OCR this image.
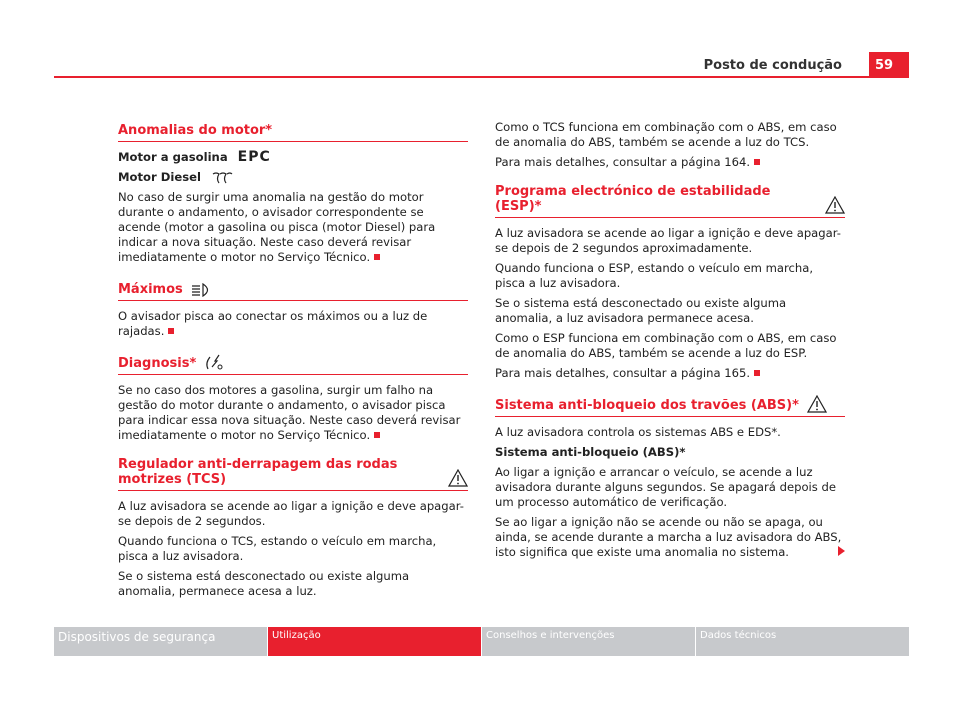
Posto de condução	59
Anomalias do motor*
Motor a gasolina EPC
Motor Diesel

No caso de surgir uma anomalia na gestão do motor durante o andamento, o avisador correspondente se acende (motor a gasolina ou pisca (motor Diesel) para indicar a nova situação. Neste caso deverá revisar imediatamente o motor no Serviço Técnico.

Máximos

O avisador pisca ao conectar os máximos ou a luz de rajadas.

Diagnosis*

Se no caso dos motores a gasolina, surgir um falho na gestão do motor durante o andamento, o avisador pisca para indicar essa nova situação. Neste caso deverá revisar imediatamente o motor no Serviço Técnico.

Regulador anti-derrapagem das rodas motrizes (TCS)

A luz avisadora se acende ao ligar a ignição e deve apagar-se depois de 2 segundos.

Quando funciona o TCS, estando o veículo em marcha, pisca a luz avisadora.

Se o sistema está desconectado ou existe alguma anomalia, permanece acesa a luz.

Como o TCS funciona em combinação com o ABS, em caso de anomalia do ABS, também se acende a luz do TCS.

Para mais detalhes, consultar a página 164.

Programa electrónico de estabilidade (ESP)*

A luz avisadora se acende ao ligar a ignição e deve apagar-se depois de 2 segundos aproximadamente.

Quando funciona o ESP, estando o veículo em marcha, pisca a luz avisadora.

Se o sistema está desconectado ou existe alguma anomalia, a luz avisadora permanece acesa.

Como o ESP funciona em combinação com o ABS, em caso de anomalia do ABS, também se acende a luz do ESP.

Para mais detalhes, consultar a página 165.

Sistema anti-bloqueio dos travões (ABS)*

A luz avisadora controla os sistemas ABS e EDS*.

Sistema anti-bloqueio (ABS)*

Ao ligar a ignição e arrancar o veículo, se acende a luz avisadora durante alguns segundos. Se apagará depois de um processo automático de verificação.

Se ao ligar a ignição não se acende ou não se apaga, ou ainda, se acende durante a marcha a luz avisadora do ABS, isto significa que existe uma anomalia no sistema.

Dispositivos de segurança	Utilização	Conselhos e intervenções	Dados técnicos
